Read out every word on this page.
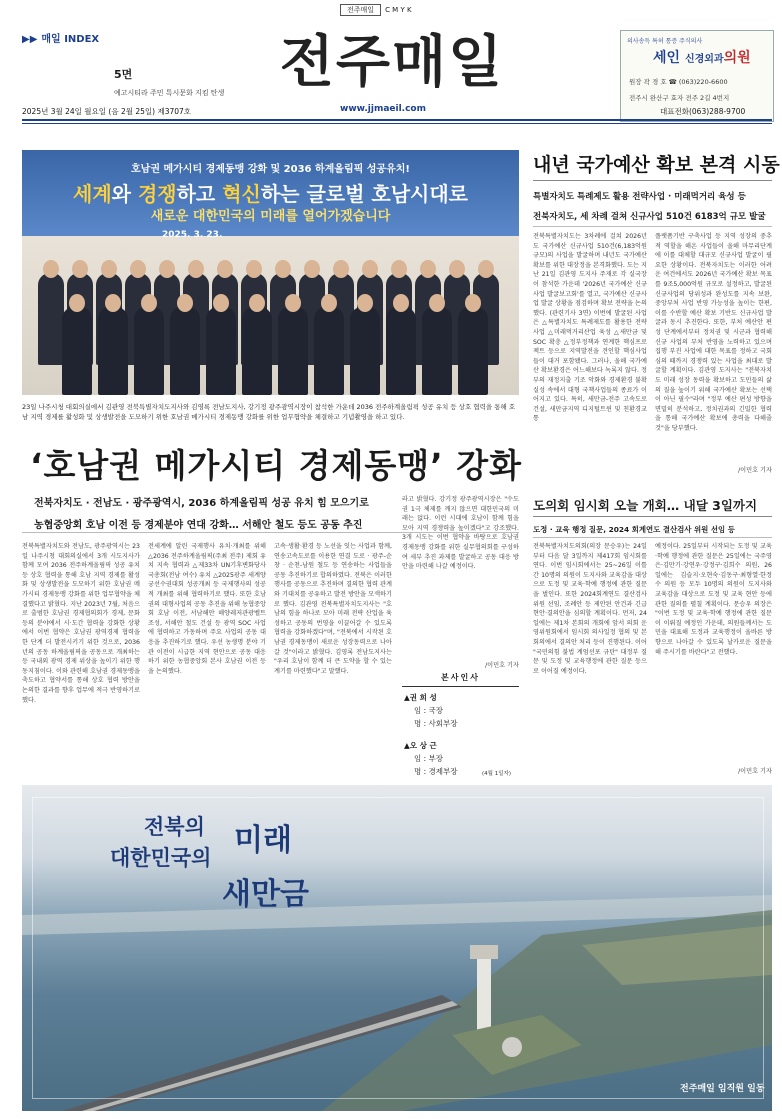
전주매일	C M Y K
▶▶ 매일 INDEX
5면
예고시티라 주민 특시문화 지킴 탄생 전주매일
www.jjmaeil.com
의사송득 특허 통증 주식의사
세인 신경외과의원
원장 곽 경 호 ☎ (063)220-6600
전주시 완산구 효자 전주 2길 4번지
2025년 3월 24일 월요일 (음 2월 25일) 제3707호	대표전화(063)288-9700
호남권 메가시티 경제동맹 강화 및 2036 하계올림픽 성공유치!
세계와 경쟁하고 혁신하는 글로벌 호남시대로
새로운 대한민국의 미래를 열어가겠습니다
2025. 3. 23.
23일 나주시청 대회의실에서 김관영 전북특별자치도지사와 김영록 전남도지사, 강기정 광주광역시장이 참석한 가운데 2036 전주하계올림픽 성공 유치 등 상호 협력을 통해 호남 지역 경제를 활성화 및 상생발전을 도모하기 위한 호남권 메가시티 경제동맹 강화를 위한 업무협약을 체결하고 기념촬영을 하고 있다.
내년 국가예산 확보 본격 시동
특별자치도 특례제도 활용 전략사업 · 미래먹거리 육성 등
전북자치도, 세 차례 걸쳐 신규사업 510건 6183억 규모 발굴
전북특별자치도는 3차례에 걸쳐 2026년도 국가예산 신규사업 510건(6,183억원 규모)의 사업을 발굴하며 내년도 국가예산 확보를 위한 대장정을 본격화했다. 도는 지난 21일 김관영 도지사 주재로 각 실국장이 참석한 가운데 '2026년 국가예산 신규사업 발굴보고회'를 열고, 국가예산 신규사업 발굴 상황을 점검하며 확보 전략을 논의했다. (관련기사 3면) 이번에 발굴된 사업은 △특별자치도 특례제도를 활용한 전략사업 △미래먹거리산업 육성 △새만금 및 SOC 확충 △정부정책과 연계한 핵심프로젝트 등으로 지역발전을 견인할 핵심사업들이 대거 포함됐다. 그러나, 올해 국가예산 확보환경은 어느해보다 녹록지 않다. 정부의 재정지출 기조 악화와 경제환경 불확실성 속에서 대형 국책사업들의 종료가 이어지고 있다. 특히, 새만금-전주 고속도로 건설, 새만금지역 디지털트윈 및 친환경교통
플랫폼기반 구축사업 등 지역 성장의 중추적 역할을 해온 사업들이 올해 마무리단계에 이를 대체할 대규모 신규사업 발굴이 필요한 상황이다. 전북자치도는 이러한 어려운 여건에서도 2026년 국가예산 확보 목표를 9조5,000억원 규모로 설정하고, 발굴된 신규사업의 당위성과 완성도를 지속 보완, 중앙부처 사업 반영 가능성을 높이는 한편, 이를 수반할 예산 확보 기반도 신규사업 발굴과 동시 추진한다. 또한, 부처 예산안 편성 단계에서부터 정치권 및 시군과 협력해 신규 사업의 부처 반영을 노력하고 있으며 집행 부진 사업에 대한 목표를 정하고 국회심의 때까지 경쟁력 있는 사업을 최대로 발굴할 계획이다. 김관영 도지사는 "전북자치도 미래 성장 동력을 확보하고 도민들의 삶의 질을 높이기 위해 국가예산 확보는 선택이 아닌 필수"라며 "정부 예산 편성 방향을 면밀히 분석하고, 정치권과의 긴밀한 협력을 통해 국가예산 확보에 총력을 다해줄 것"을 당부했다.
/이민호 기자
‘호남권 메가시티 경제동맹’ 강화
전북자치도 · 전남도 · 광주광역시, 2036 하계올림픽 성공 유치 힘 모으기로
농협중앙회 호남 이전 등 경제분야 연대 강화… 서해안 철도 등도 공동 추진
전북특별자치도와 전남도, 광주광역시는 23일 나주시청 대회의실에서 3개 시도지사가 함께 모여 2036 전주하계올림픽 성공 유치 등 상호 협력을 통해 호남 지역 경제를 활성화 및 상생발전을 도모하기 위한 호남권 메가시티 경제동맹 강화를 위한 업무협약을 체결했다고 밝혔다. 지난 2023년 7월, 처음으로 출범한 호남권 경제협의회가 경제, 문화 등의 분야에서 시·도간 협력을 강화한 상황에서 이번 협약은 호남권 광역경제 협력을 한 단계 더 발전시키기 위한 것으로, 2036년의 공동 하계올림픽을 공동으로 개최하는 등 국내외 광역 경제 위상을 높이기 위한 행동지침이다. 이와 관련해 호남권 경제동맹을 축도하고 협약서를 통해 상호 협력 방안을 논의한 결과를 향후 업무에 적극 반영하기로 했다.
전세계에 알린 국제행사 유치·개최를 위해 △2036 전주하계올림픽(주최 전주) 제회 유치 지속 협력과 △제33차 UN기후변화당사국총회(전남 여수) 유치 △2025광주 세계양궁선수권대회 성공개최 등 국제행사의 성공적 개최를 위해 협력하기로 했다. 또한 호남권의 대형사업의 공동 추진을 위해 농협중앙회 호남 이전, 서남해안 해양레저관광벨트 조성, 서해안 철도 건설 등 광역 SOC 사업에 협력하고 가동하며 주요 사업의 공동 대응을 추진하기로 했다. 우선 농생명 분야 기관 이전이 시급한 지역 현안으로 공동 대응하기 위한 농협중앙회 본사 호남권 이전 등을 논의했다.
고속·생활·환경 등 노선을 잇는 사업과 함께, 연송고속도로를 이용한 연결 도로 · 광주-순창 · 순천-남원 철도 등 연송하는 사업들을 공동 추진하기로 합의하였다. 전북은 이러한 행사를 공동으로 추진하며 결의한 협력 관계와 기대치를 공유하고 발전 방안을 모색하기로 했다. 김관영 전북특별자치도지사는 "호남의 힘을 하나로 모아 미래 전략 산업을 육성하고 공동의 번영을 이끌어갈 수 있도록 협력을 강화하겠다"며, "전북에서 시작된 호남권 경제동맹이 새로운 성장동력으로 나아갈 것"이라고 밝혔다. 김영록 전남도지사는 "우리 호남이 함께 더 큰 도약을 할 수 있는 계기를 마련했다"고 말했다.
라고 밝혔다. 강기정 광주광역시장은 "수도권 1극 체제를 깨지 않으면 대한민국의 미래는 없다. 이런 시대에 호남이 함께 힘을 모아 지역 경쟁력을 높이겠다"고 강조했다. 3개 시도는 이번 협약을 바탕으로 호남권 경제동맹 강화를 위한 실무협의회를 구성하여 세부 추진 과제를 발굴하고 공동 대응 방안을 마련해 나갈 예정이다.
/이민호 기자
본사인사
▲권 희 성
임 : 국장
명 : 사회부장
▲오 상 근
임 : 부장
명 : 경제부장	(4월 1일자)
도의회 임시회 오늘 개회… 내달 3일까지
도정 · 교육 행정 질문, 2024 회계연도 결산검사 위원 선임 등
전북특별자치도의회(의장 문승우)는 24일부터 다음 달 3일까지 제417회 임시회를 연다. 이번 임시회에서는 25~26일 이틀간 10명의 의원이 도지사와 교육감을 대상으로 도정 및 교육·학예 행정에 관한 질문을 벌인다. 또한 2024회계연도 결산검사위원 선임, 조례안 등 제안된 안건과 긴급 현안·결의안을 심의할 계획이다. 먼저, 24일에는 제1차 본회의 개회에 앞서 의회 운영위원회에서 임시회 의사일정 협의 및 본회의에서 결의안 처리 등이 진행된다. 이어 "국민의힘 불법 계엄선포 규탄" 대정부 질문 및 도정 및 교육행정에 관한 질문 등으로 이어질 예정이다.
예정이다. 25일부터 시작되는 도정 및 교육·학예 행정에 관한 질문은 25일에는 국주영은·김만기·강연우·강정구·김희수 의원, 26일에는 김슬지·오현숙·김동구·최형열·한정수 의원 등 모두 10명의 의원이 도지사와 교육감을 대상으로 도정 및 교육 현안 등에 관한 질의를 펼칠 계획이다. 문승우 의장은 "이번 도정 및 교육·학예 행정에 관한 질문이 이뤄질 예정인 가운데, 의원들께서는 도민을 대표해 도정과 교육행정이 올바른 방향으로 나아갈 수 있도록 날카로운 질문을 해 주시기를 바란다"고 전했다.
/이민호 기자
전북의
대한민국의 미래
새만금
전주매일 임직원 일동
